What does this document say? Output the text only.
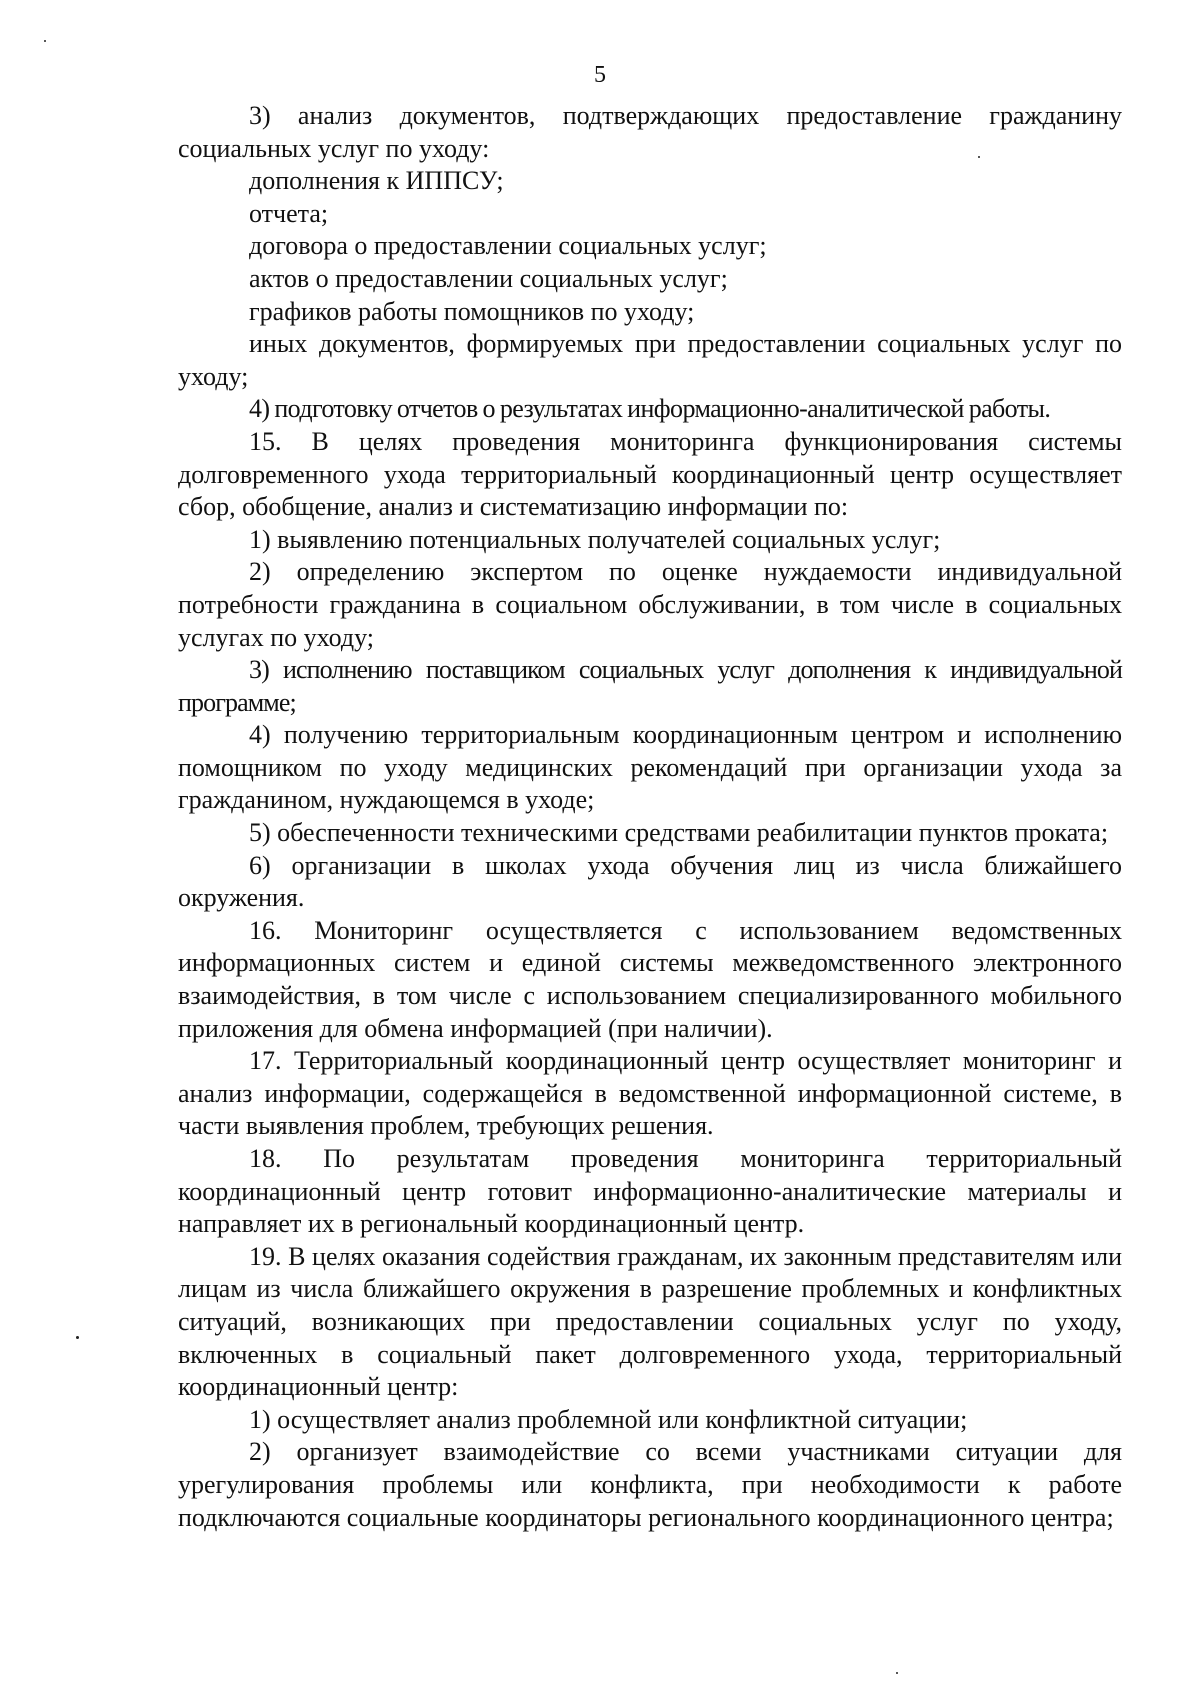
5

3) анализ документов, подтверждающих предоставление гражданину социальных услуг по уходу:

дополнения к ИППСУ;

отчета;

договора о предоставлении социальных услуг;

актов о предоставлении социальных услуг;

графиков работы помощников по уходу;

иных документов, формируемых при предоставлении социальных услуг по уходу;

4) подготовку отчетов о результатах информационно-аналитической работы.

15. В целях проведения мониторинга функционирования системы долговременного ухода территориальный координационный центр осуществляет сбор, обобщение, анализ и систематизацию информации по:

1) выявлению потенциальных получателей социальных услуг;

2) определению экспертом по оценке нуждаемости индивидуальной потребности гражданина в социальном обслуживании, в том числе в социальных услугах по уходу;

3) исполнению поставщиком социальных услуг дополнения к индивидуальной программе;

4) получению территориальным координационным центром и исполнению помощником по уходу медицинских рекомендаций при организации ухода за гражданином, нуждающемся в уходе;

5) обеспеченности техническими средствами реабилитации пунктов проката;

6) организации в школах ухода обучения лиц из числа ближайшего окружения.

16. Мониторинг осуществляется с использованием ведомственных информационных систем и единой системы межведомственного электронного взаимодействия, в том числе с использованием специализированного мобильного приложения для обмена информацией (при наличии).

17. Территориальный координационный центр осуществляет мониторинг и анализ информации, содержащейся в ведомственной информационной системе, в части выявления проблем, требующих решения.

18. По результатам проведения мониторинга территориальный координационный центр готовит информационно-аналитические материалы и направляет их в региональный координационный центр.

19. В целях оказания содействия гражданам, их законным представителям или лицам из числа ближайшего окружения в разрешение проблемных и конфликтных ситуаций, возникающих при предоставлении социальных услуг по уходу, включенных в социальный пакет долговременного ухода, территориальный координационный центр:

1) осуществляет анализ проблемной или конфликтной ситуации;

2) организует взаимодействие со всеми участниками ситуации для урегулирования проблемы или конфликта, при необходимости к работе подключаются социальные координаторы регионального координационного центра;
